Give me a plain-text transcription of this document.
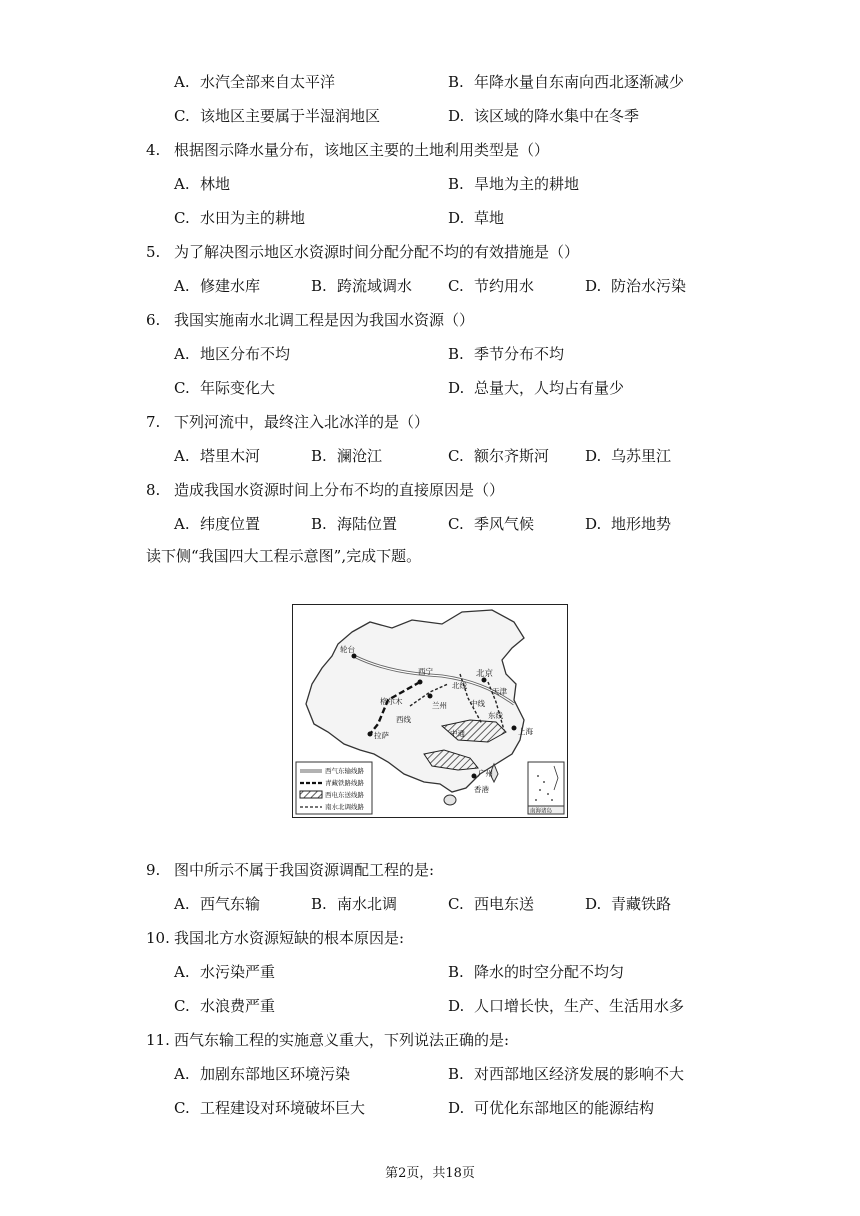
A. 水汽全部来自太平洋	B. 年降水量自东南向西北逐渐减少
C. 该地区主要属于半湿润地区	D. 该区域的降水集中在冬季
4. 根据图示降水量分布，该地区主要的土地利用类型是（）
A. 林地	B. 旱地为主的耕地
C. 水田为主的耕地	D. 草地
5. 为了解决图示地区水资源时间分配分配不均的有效措施是（）
A. 修建水库	B. 跨流域调水 C. 节约用水	D. 防治水污染
6. 我国实施南水北调工程是因为我国水资源（）
A. 地区分布不均	B. 季节分布不均
C. 年际变化大	D. 总量大，人均占有量少
7. 下列河流中，最终注入北冰洋的是（）
A. 塔里木河	B. 澜沧江	C. 额尔齐斯河 D. 乌苏里江
8. 造成我国水资源时间上分布不均的直接原因是（）
A. 纬度位置	B. 海陆位置	C. 季风气候	D. 地形地势
读下侧“我国四大工程示意图”,完成下题。
轮台
北京
天津
西宁
兰州
格尔木
拉萨	上海
广州
香港
北线
中线
东线
西线
中通
西气东输线路
青藏铁路线路
西电东送线路
南水北调线路
南海诸岛
9. 图中所示不属于我国资源调配工程的是:
A. 西气东输	B. 南水北调	C. 西电东送	D. 青藏铁路
10. 我国北方水资源短缺的根本原因是:
A. 水污染严重	B. 降水的时空分配不均匀
C. 水浪费严重	D. 人口增长快，生产、生活用水多
11. 西气东输工程的实施意义重大，下列说法正确的是:
A. 加剧东部地区环境污染	B. 对西部地区经济发展的影响不大
C. 工程建设对环境破坏巨大	D. 可优化东部地区的能源结构
第2页，共18页
